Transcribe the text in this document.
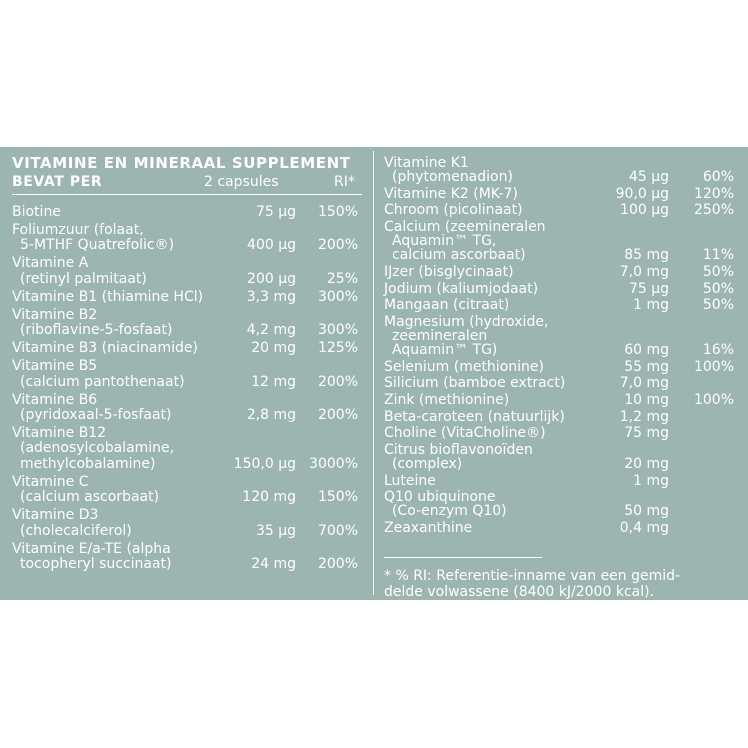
VITAMINE EN MINERAAL SUPPLEMENT
BEVAT PER	2 capsules	RI*
Biotine	75 µg	150%
Foliumzuur (folaat,
5-MTHF Quatrefolic®)	400 µg	200%
Vitamine A
(retinyl palmitaat)	200 µg	25%
Vitamine B1 (thiamine HCl)	3,3 mg	300%
Vitamine B2
(riboflavine-5-fosfaat)	4,2 mg	300%
Vitamine B3 (niacinamide)	20 mg	125%
Vitamine B5
(calcium pantothenaat)	12 mg	200%
Vitamine B6
(pyridoxaal-5-fosfaat)	2,8 mg	200%
Vitamine B12
(adenosylcobalamine,
methylcobalamine)	150,0 µg 3000%
Vitamine C
(calcium ascorbaat)	120 mg	150%
Vitamine D3
(cholecalciferol)	35 µg	700%
Vitamine E/a-TE (alpha
tocopheryl succinaat)	24 mg	200%
Vitamine K1
(phytomenadion)	45 µg	60%
Vitamine K2 (MK-7)	90,0 µg	120%
Chroom (picolinaat)	100 µg	250%
Calcium (zeemineralen
Aquamin™ TG,
calcium ascorbaat)	85 mg	11%
IJzer (bisglycinaat)	7,0 mg	50%
Jodium (kaliumjodaat)	75 µg	50%
Mangaan (citraat)	1 mg	50%
Magnesium (hydroxide,
zeemineralen
Aquamin™ TG)	60 mg	16%
Selenium (methionine)	55 mg	100%
Silicium (bamboe extract)	7,0 mg
Zink (methionine)	10 mg	100%
Beta-caroteen (natuurlijk)	1,2 mg
Choline (VitaCholine®)	75 mg
Citrus bioflavonoïden
(complex)	20 mg
Luteine	1 mg
Q10 ubiquinone
(Co-enzym Q10)	50 mg
Zeaxanthine	0,4 mg
* % RI: Referentie-inname van een gemid-
delde volwassene (8400 kJ/2000 kcal).
